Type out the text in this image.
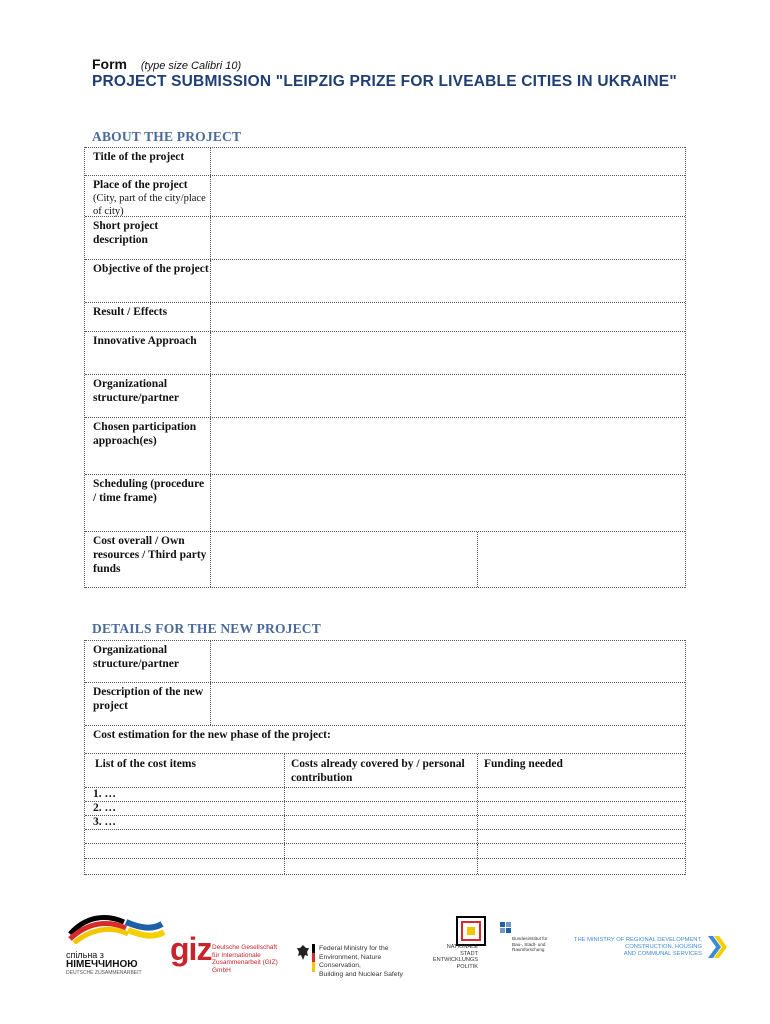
Form (type size Calibri 10)
PROJECT SUBMISSION "LEIPZIG PRIZE FOR LIVEABLE CITIES IN UKRAINE"
ABOUT THE PROJECT
Title of the project
Place of the project
(City, part of the city/place of city)
Short project description
Objective of the project
Result / Effects
Innovative Approach
Organizational structure/partner
Chosen participation approach(es)
Scheduling (procedure / time frame)
Cost overall / Own resources / Third party funds
DETAILS FOR THE NEW PROJECT
Organizational structure/partner
Description of the new project
Cost estimation for the new phase of the project:
List of the cost items	Costs already covered by / personal contribution
Funding needed
1. …
2. …
3. …
спільна з
НІМЕЧЧИНОЮ
DEUTSCHE ZUSAMMENARBEIT
giz Deutsche Gesellschaft
für Internationale
Zusammenarbeit (GIZ) GmbH
Federal Ministry for the
Environment, Nature Conservation,
Building and Nuclear Safety
NATIONALE
STADT
ENTWICKLUNGS
POLITIK
Bundesinstitut für
Bau-, Stadt- und
Raumforschung
THE MINISTRY OF REGIONAL DEVELOPMENT,
CONSTRUCTION, HOUSING
AND COMMUNAL SERVICES
